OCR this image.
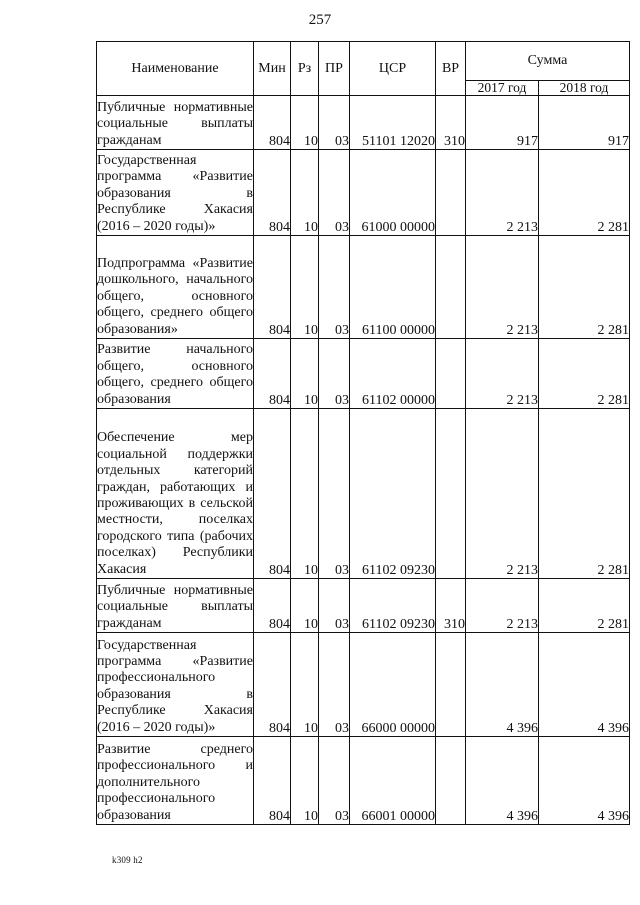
257
Наименование	Мин	Рз	ПР	ЦСР	ВР	Сумма	
						2017 год	2018 год
Публичные нормативные социальные выплаты гражданам	804	10	03	51101 12020	310	917	917
Государственная программа «Развитие образования в Республике Хакасия (2016 – 2020 годы)»	804	10	03	61000 00000		2 213	2 281
Подпрограмма «Развитие дошкольного, начального общего, основного общего, среднего общего образования»	804	10	03	61100 00000		2 213	2 281
Развитие начального общего, основного общего, среднего общего образования	804	10	03	61102 00000		2 213	2 281
Обеспечение мер социальной поддержки отдельных категорий граждан, работающих и проживающих в сельской местности, поселках городского типа (рабочих поселках) Республики Хакасия	804	10	03	61102 09230		2 213	2 281
Публичные нормативные социальные выплаты гражданам	804	10	03	61102 09230	310	2 213	2 281
Государственная программа «Развитие профессионального образования в Республике Хакасия (2016 – 2020 годы)»	804	10	03	66000 00000		4 396	4 396
Развитие среднего профессионального и дополнительного профессионального образования	804	10	03	66001 00000		4 396	4 396
k309 h2
